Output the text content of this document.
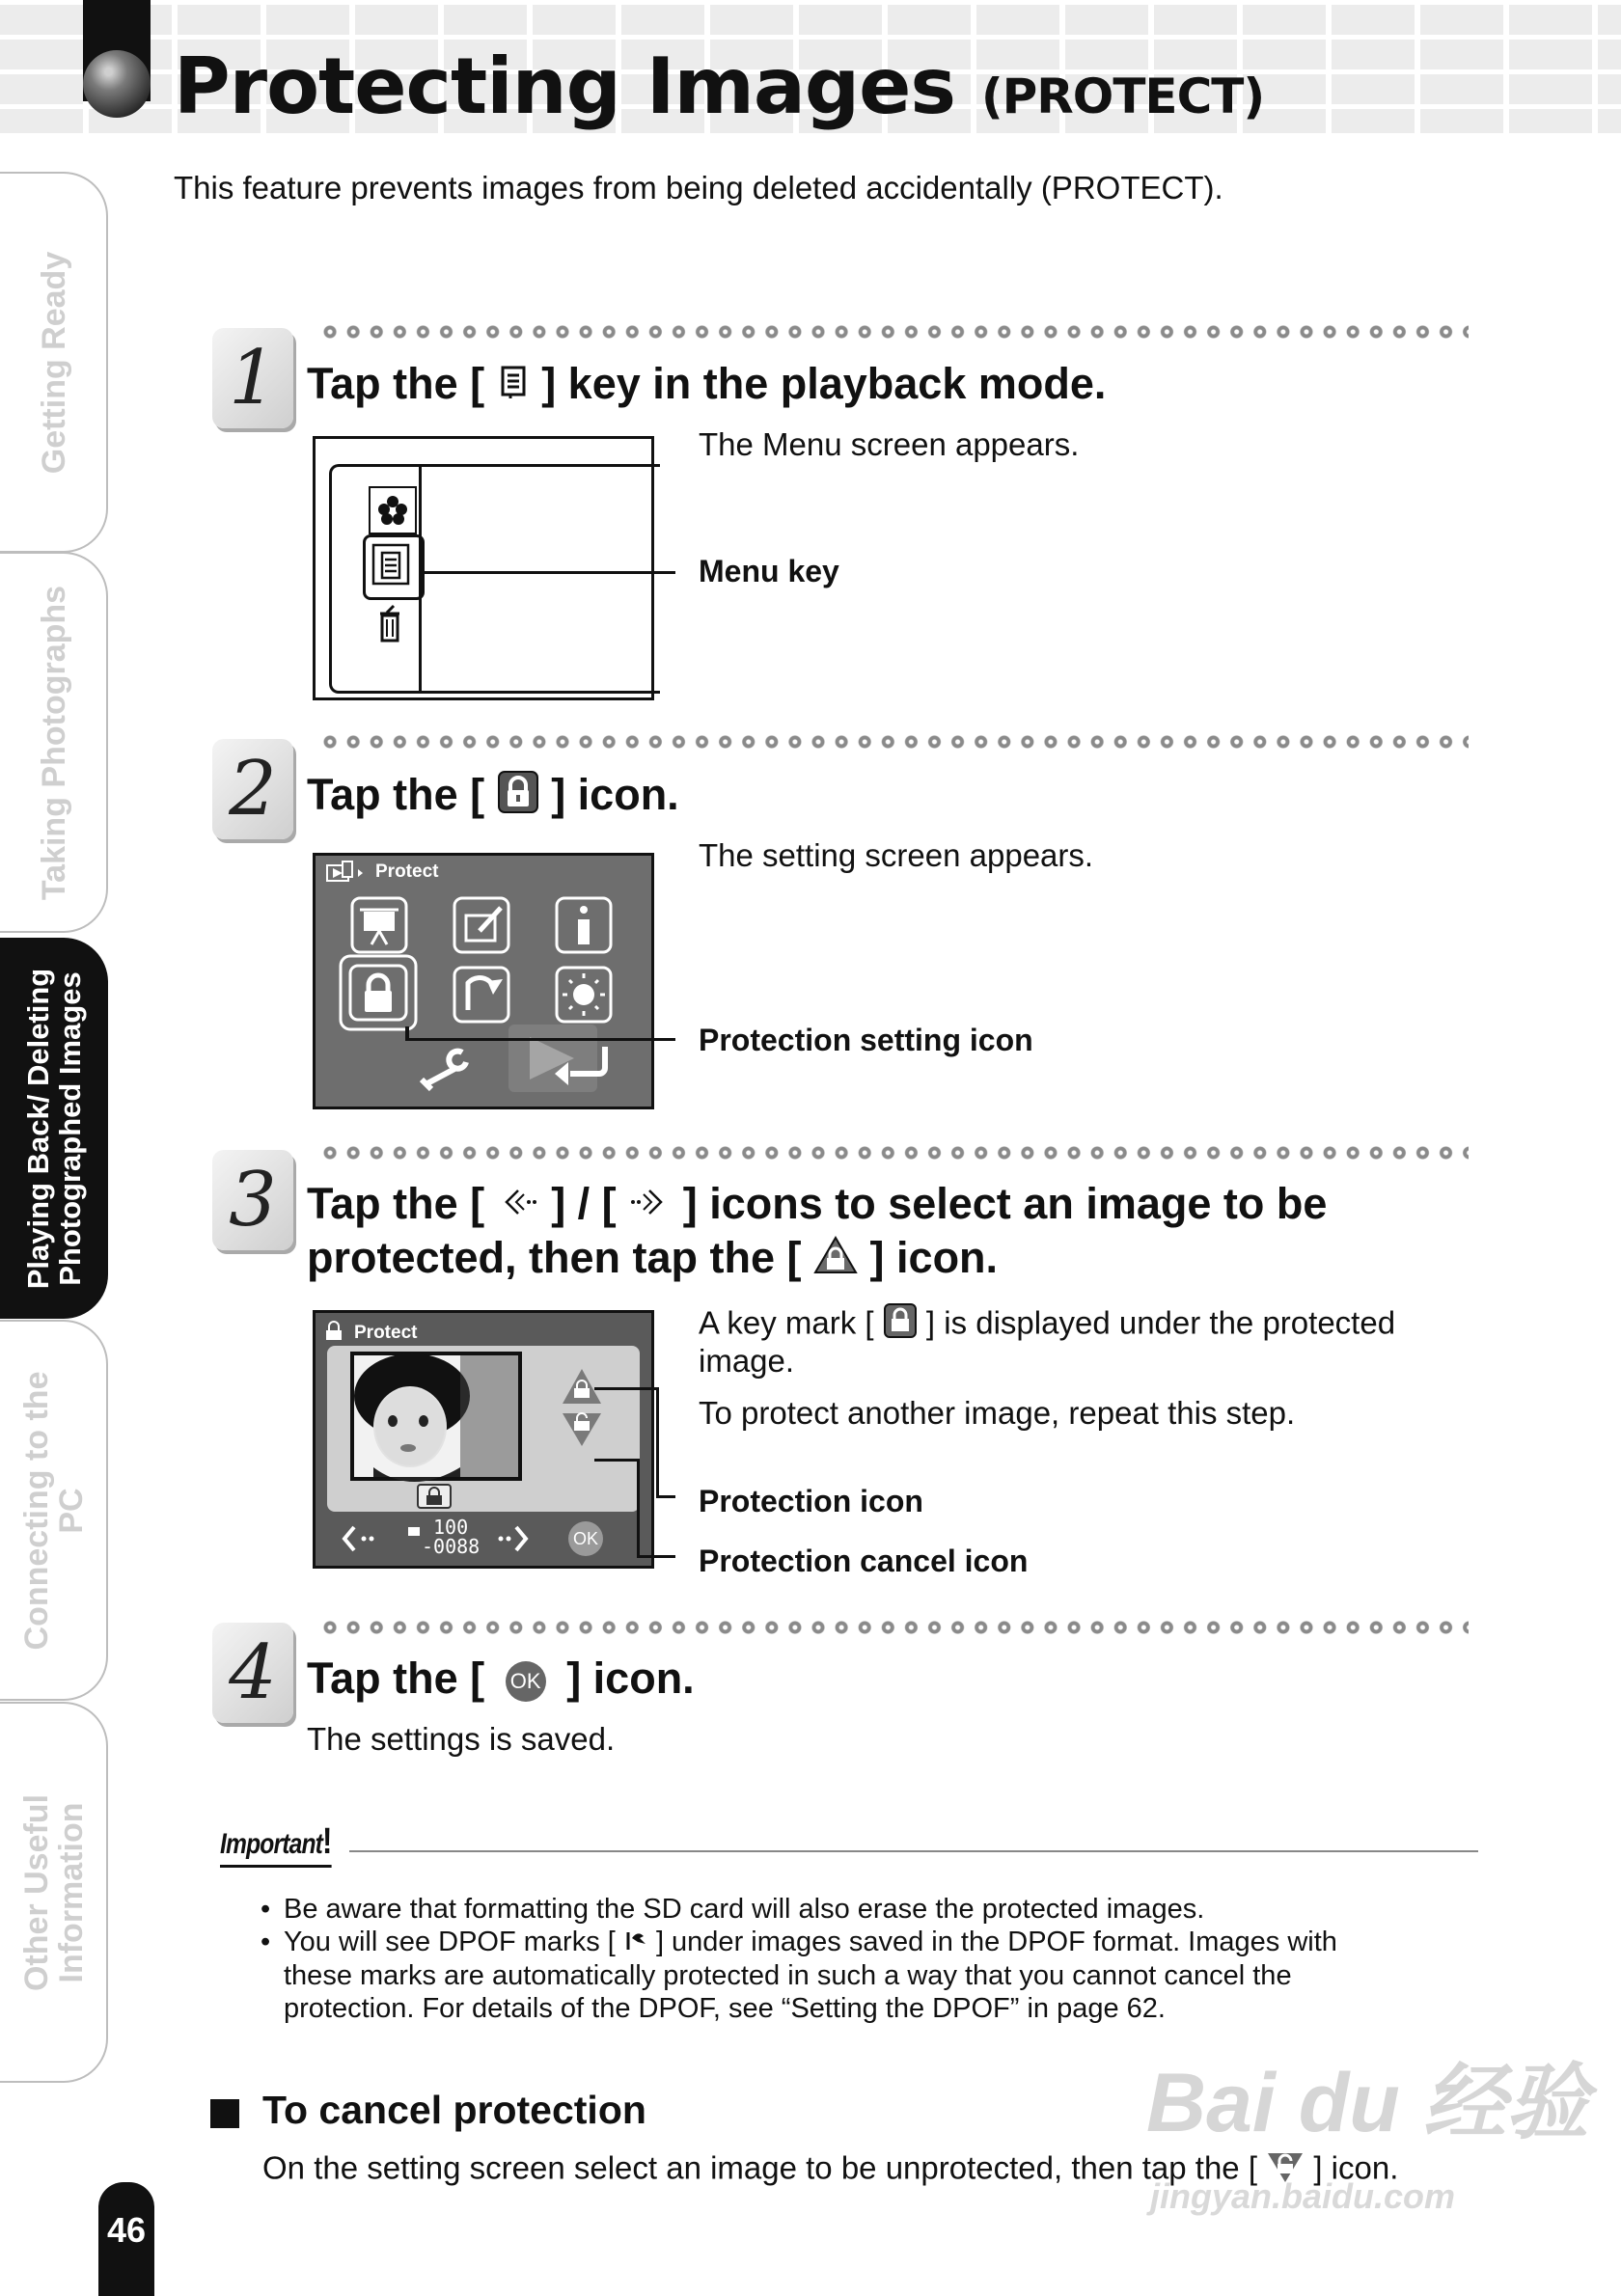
Protecting Images (PROTECT)
This feature prevents images from being deleted accidentally (PROTECT).
Getting Ready
Taking Photographs
Playing Back/ Deleting
Photographed Images
Connecting to the
PC
Other Useful
Information
46
1 Tap the [ ] key in the playback mode.
The Menu screen appears.
Menu key
2 Tap the [ ] icon.
The setting screen appears.
Protect
Protection setting icon
3 Tap the [ ] / [ ] icons to select an image to be
protected, then tap the [ ] icon.
A key mark [ ] is displayed under the protected
image.
To protect another image, repeat this step.
Protect
100
-0088	OK
Protection icon
Protection cancel icon
4 Tap the [	OK ] icon.
The settings is saved.
Important!
• Be aware that formatting the SD card will also erase the protected images.
• You will see DPOF marks [ ] under images saved in the DPOF format. Images with
these marks are automatically protected in such a way that you cannot cancel the
protection. For details of the DPOF, see “Setting the DPOF” in page 62.
To cancel protection
On the setting screen select an image to be unprotected, then tap the [ ] icon.
Bai du 经验
jingyan.baidu.com
